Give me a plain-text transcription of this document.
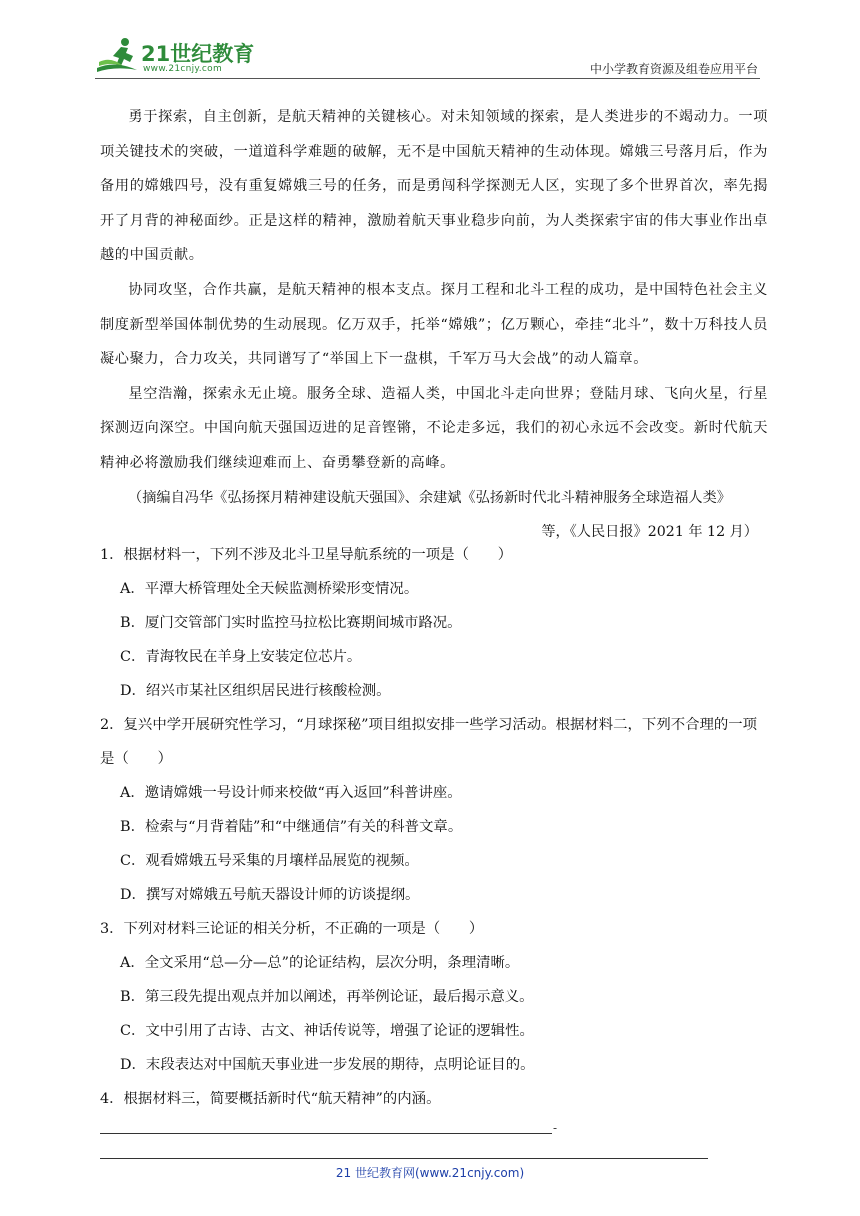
21世纪教育
www.21cnjy.com	中小学教育资源及组卷应用平台

勇于探索，自主创新，是航天精神的关键核心。对未知领域的探索，是人类进步的不竭动力。一项项关键技术的突破，一道道科学难题的破解，无不是中国航天精神的生动体现。嫦娥三号落月后，作为备用的嫦娥四号，没有重复嫦娥三号的任务，而是勇闯科学探测无人区，实现了多个世界首次，率先揭开了月背的神秘面纱。正是这样的精神，激励着航天事业稳步向前，为人类探索宇宙的伟大事业作出卓越的中国贡献。

协同攻坚，合作共赢，是航天精神的根本支点。探月工程和北斗工程的成功，是中国特色社会主义制度新型举国体制优势的生动展现。亿万双手，托举“嫦娥”；亿万颗心，牵挂“北斗”，数十万科技人员凝心聚力，合力攻关，共同谱写了“举国上下一盘棋，千军万马大会战”的动人篇章。

星空浩瀚，探索永无止境。服务全球、造福人类，中国北斗走向世界；登陆月球、飞向火星，行星探测迈向深空。中国向航天强国迈进的足音铿锵，不论走多远，我们的初心永远不会改变。新时代航天精神必将激励我们继续迎难而上、奋勇攀登新的高峰。

（摘编自冯华《弘扬探月精神建设航天强国》、余建斌《弘扬新时代北斗精神服务全球造福人类》

等，《人民日报》2021 年 12 月）

1．根据材料一，下列不涉及北斗卫星导航系统的一项是（　　）

A．平潭大桥管理处全天候监测桥梁形变情况。

B．厦门交管部门实时监控马拉松比赛期间城市路况。

C．青海牧民在羊身上安装定位芯片。

D．绍兴市某社区组织居民进行核酸检测。

2．复兴中学开展研究性学习，“月球探秘”项目组拟安排一些学习活动。根据材料二，下列不合理的一项是（　　）

A．邀请嫦娥一号设计师来校做“再入返回”科普讲座。

B．检索与“月背着陆”和“中继通信”有关的科普文章。

C．观看嫦娥五号采集的月壤样品展览的视频。

D．撰写对嫦娥五号航天器设计师的访谈提纲。

3．下列对材料三论证的相关分析，不正确的一项是（　　）

A．全文采用“总—分—总”的论证结构，层次分明，条理清晰。

B．第三段先提出观点并加以阐述，再举例论证，最后揭示意义。

C．文中引用了古诗、古文、神话传说等，增强了论证的逻辑性。

D．末段表达对中国航天事业进一步发展的期待，点明论证目的。

4．根据材料三，简要概括新时代“航天精神”的内涵。

-
21 世纪教育网(www.21cnjy.com)
